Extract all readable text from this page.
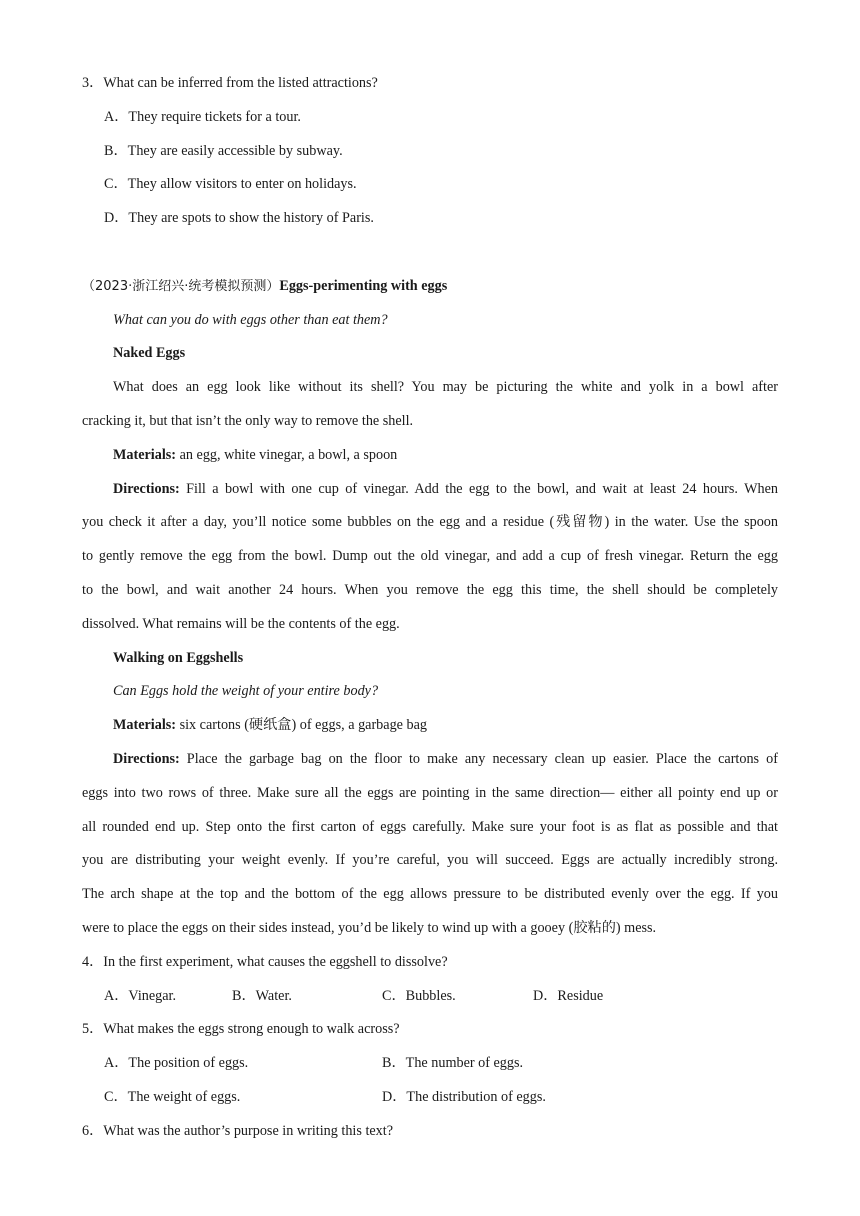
3．What can be inferred from the listed attractions?
A．They require tickets for a tour.
B．They are easily accessible by subway.
C．They allow visitors to enter on holidays.
D．They are spots to show the history of Paris.
（2023·浙江绍兴·统考模拟预测）Eggs-perimenting with eggs
What can you do with eggs other than eat them?
Naked Eggs
What does an egg look like without its shell? You may be picturing the white and yolk in a bowl after
cracking it, but that isn’t the only way to remove the shell.
Materials: an egg, white vinegar, a bowl, a spoon
Directions: Fill a bowl with one cup of vinegar. Add the egg to the bowl, and wait at least 24 hours. When
you check it after a day, you’ll notice some bubbles on the egg and a residue (残留物) in the water. Use the spoon
to gently remove the egg from the bowl. Dump out the old vinegar, and add a cup of fresh vinegar. Return the egg
to the bowl, and wait another 24 hours. When you remove the egg this time, the shell should be completely
dissolved. What remains will be the contents of the egg.
Walking on Eggshells
Can Eggs hold the weight of your entire body?
Materials: six cartons (硬纸盒) of eggs, a garbage bag
Directions: Place the garbage bag on the floor to make any necessary clean up easier. Place the cartons of
eggs into two rows of three. Make sure all the eggs are pointing in the same direction— either all pointy end up or
all rounded end up. Step onto the first carton of eggs carefully. Make sure your foot is as flat as possible and that
you are distributing your weight evenly. If you’re careful, you will succeed. Eggs are actually incredibly strong.
The arch shape at the top and the bottom of the egg allows pressure to be distributed evenly over the egg. If you
were to place the eggs on their sides instead, you’d be likely to wind up with a gooey (胶粘的) mess.
4．In the first experiment, what causes the eggshell to dissolve?
A．Vinegar.	B．Water.	C．Bubbles.	D．Residue
5．What makes the eggs strong enough to walk across?
A．The position of eggs.	B．The number of eggs.
C．The weight of eggs.	D．The distribution of eggs.
6．What was the author’s purpose in writing this text?
